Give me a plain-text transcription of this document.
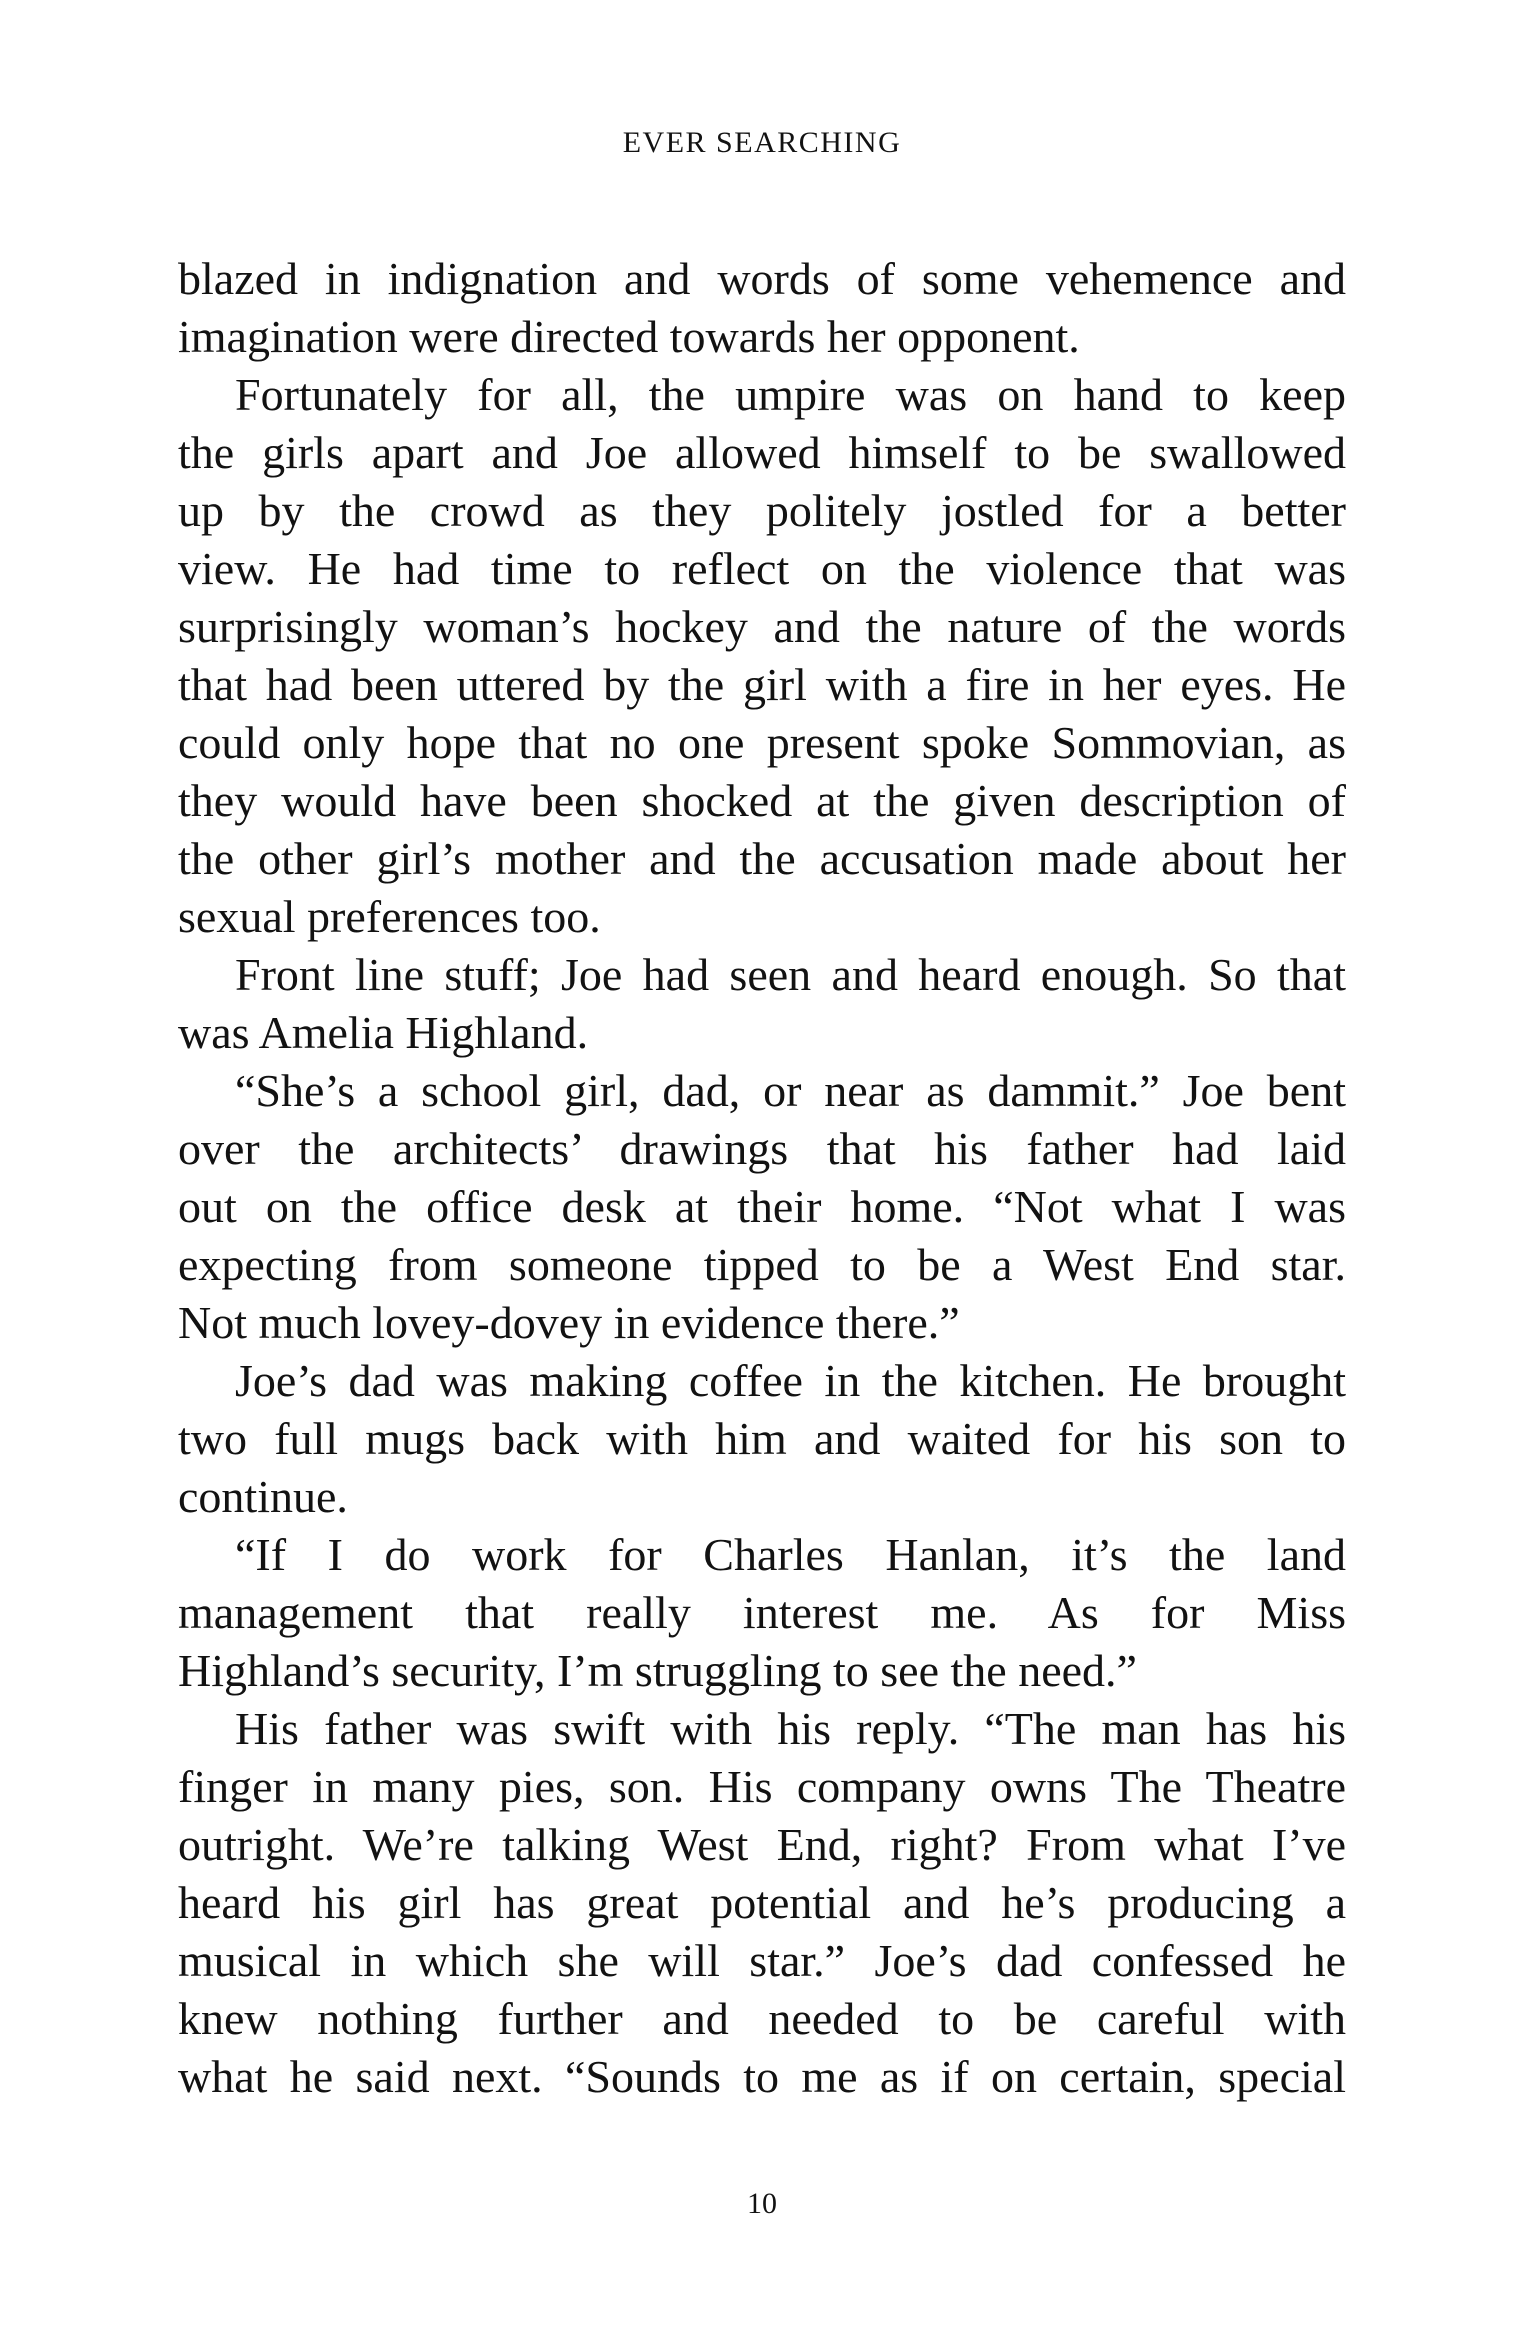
EVER SEARCHING
blazed in indignation and words of some vehemence and
imagination were directed towards her opponent.
Fortunately for all, the umpire was on hand to keep
the girls apart and Joe allowed himself to be swallowed
up by the crowd as they politely jostled for a better
view. He had time to reflect on the violence that was
surprisingly woman’s hockey and the nature of the words
that had been uttered by the girl with a fire in her eyes. He
could only hope that no one present spoke Sommovian, as
they would have been shocked at the given description of
the other girl’s mother and the accusation made about her
sexual preferences too.
Front line stuff; Joe had seen and heard enough. So that
was Amelia Highland.
“She’s a school girl, dad, or near as dammit.” Joe bent
over the architects’ drawings that his father had laid
out on the office desk at their home. “Not what I was
expecting from someone tipped to be a West End star.
Not much lovey-dovey in evidence there.”
Joe’s dad was making coffee in the kitchen. He brought
two full mugs back with him and waited for his son to
continue.
“If I do work for Charles Hanlan, it’s the land
management that really interest me. As for Miss
Highland’s security, I’m struggling to see the need.”
His father was swift with his reply. “The man has his
finger in many pies, son. His company owns The Theatre
outright. We’re talking West End, right? From what I’ve
heard his girl has great potential and he’s producing a
musical in which she will star.” Joe’s dad confessed he
knew nothing further and needed to be careful with
what he said next. “Sounds to me as if on certain, special
10
